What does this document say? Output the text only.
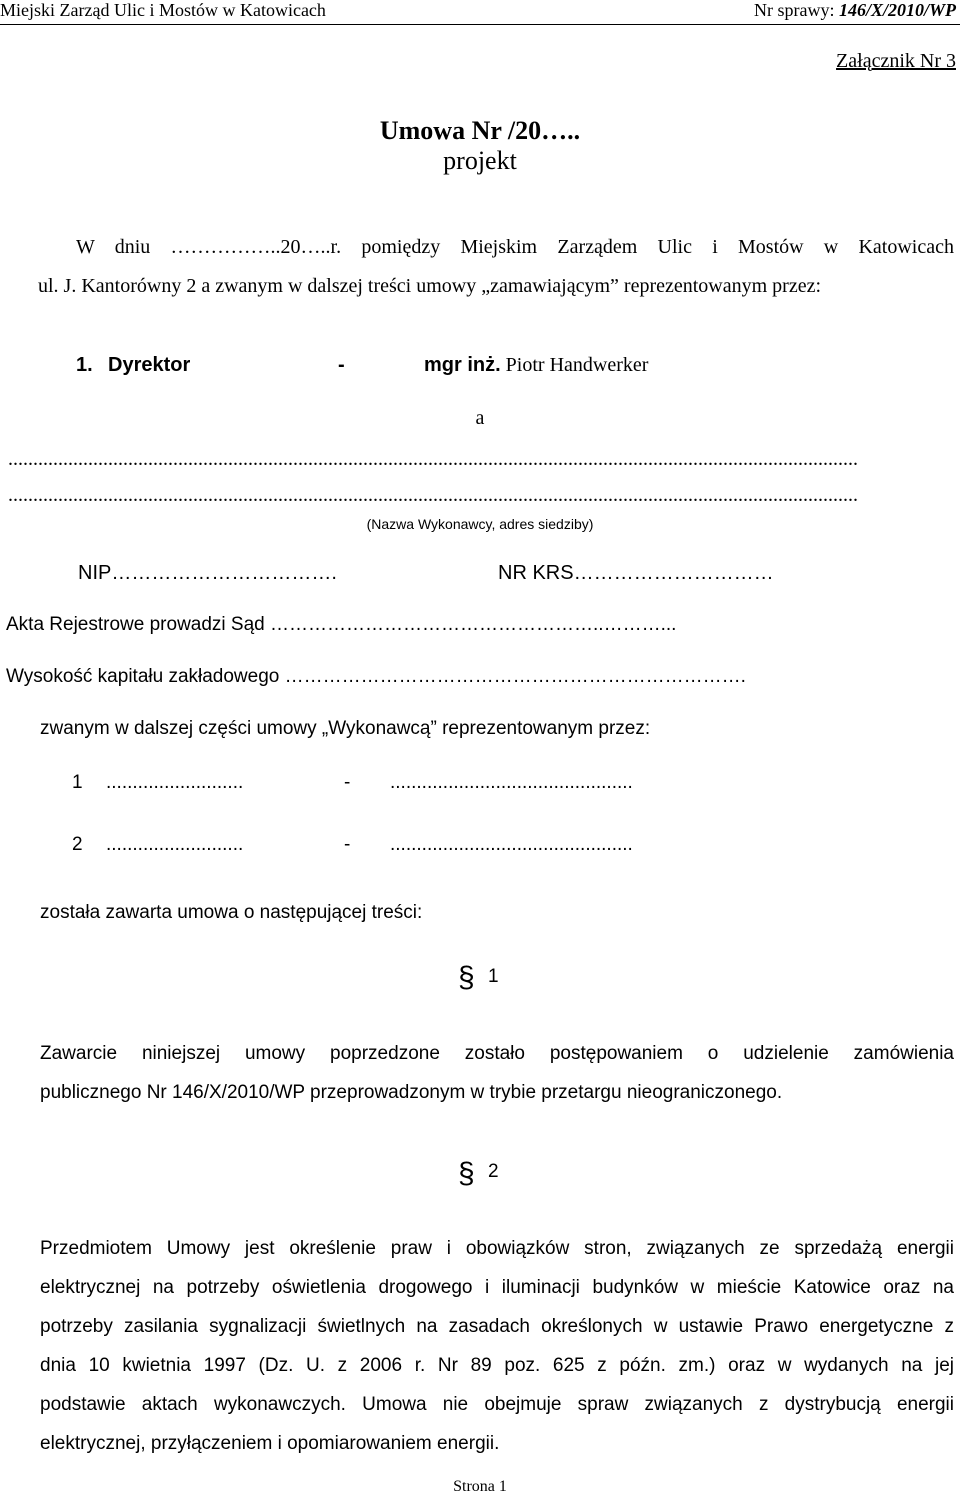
Miejski Zarząd Ulic i Mostów w Katowicach	Nr sprawy: 146/X/2010/WP
Załącznik Nr 3
Umowa Nr /20…..
projekt
W dniu ……………..20…..r. pomiędzy Miejskim Zarządem Ulic i Mostów w Katowicach
ul. J. Kantorówny 2 a zwanym w dalszej treści umowy „zamawiającym” reprezentowanym przez:
1. Dyrektor	-	mgr inż. Piotr Handwerker
a
..........................................................................................................................................................................
..........................................................................................................................................................................
(Nazwa Wykonawcy, adres siedziby)
NIP…………………………….	NR KRS…………………………
Akta Rejestrowe prowadzi Sąd ……………………………………………..………...
Wysokość kapitału zakładowego ……………………………………………………………….
zwanym w dalszej części umowy „Wykonawcą” reprezentowanym przez:
1 ..........................	- ..............................................
2 ..........................	- ..............................................
została zawarta umowa o następującej treści:
§ 1
Zawarcie niniejszej umowy poprzedzone zostało postępowaniem o udzielenie zamówienia
publicznego Nr 146/X/2010/WP przeprowadzonym w trybie przetargu nieograniczonego.
§ 2
Przedmiotem Umowy jest określenie praw i obowiązków stron, związanych ze sprzedażą energii
elektrycznej na potrzeby oświetlenia drogowego i iluminacji budynków w mieście Katowice oraz na
potrzeby zasilania sygnalizacji świetlnych na zasadach określonych w ustawie Prawo energetyczne z
dnia 10 kwietnia 1997 (Dz. U. z 2006 r. Nr 89 poz. 625 z późn. zm.) oraz w wydanych na jej
podstawie aktach wykonawczych. Umowa nie obejmuje spraw związanych z dystrybucją energii
elektrycznej, przyłączeniem i opomiarowaniem energii.
Strona 1
